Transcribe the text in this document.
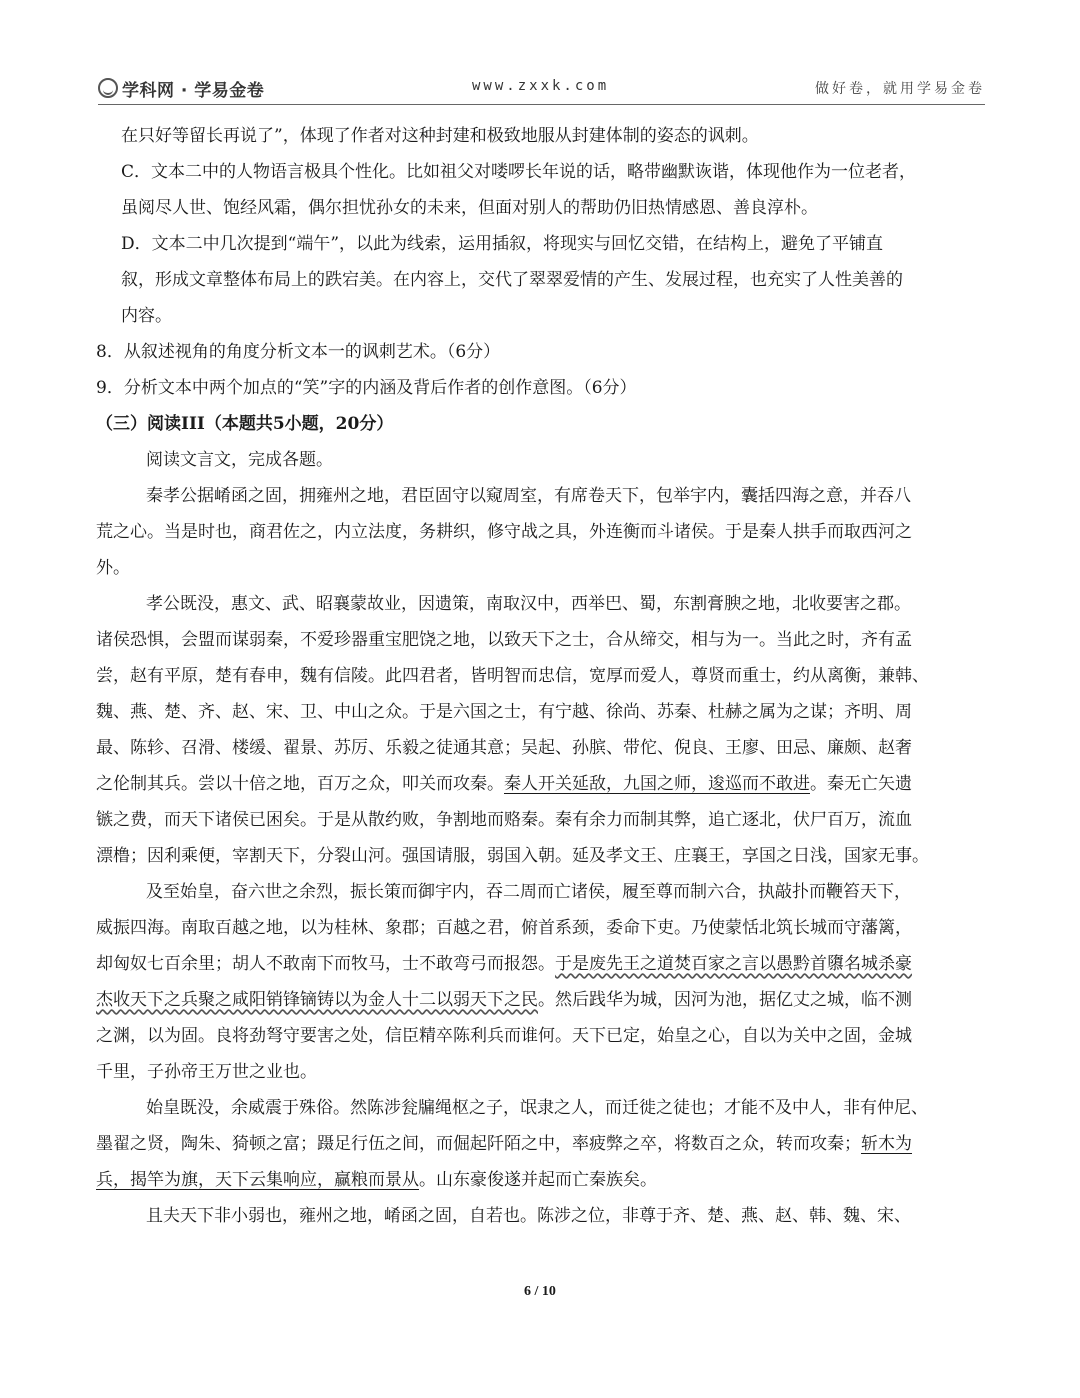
学科网 · 学易金卷	www.zxxk.com	做好卷，就用学易金卷
在只好等留长再说了”，体现了作者对这种封建和极致地服从封建体制的姿态的讽刺。
C．文本二中的人物语言极具个性化。比如祖父对喽啰长年说的话，略带幽默诙谐，体现他作为一位老者，
虽阅尽人世、饱经风霜，偶尔担忧孙女的未来，但面对别人的帮助仍旧热情感恩、善良淳朴。
D．文本二中几次提到“端午”，以此为线索，运用插叙，将现实与回忆交错，在结构上，避免了平铺直
叙，形成文章整体布局上的跌宕美。在内容上，交代了翠翠爱情的产生、发展过程，也充实了人性美善的
内容。
8．从叙述视角的角度分析文本一的讽刺艺术。（6分）
9．分析文本中两个加点的“笑”字的内涵及背后作者的创作意图。（6分）
（三）阅读III（本题共5小题，20分）
阅读文言文，完成各题。
秦孝公据崤函之固，拥雍州之地，君臣固守以窥周室，有席卷天下，包举宇内，囊括四海之意，并吞八
荒之心。当是时也，商君佐之，内立法度，务耕织，修守战之具，外连衡而斗诸侯。于是秦人拱手而取西河之
外。
孝公既没，惠文、武、昭襄蒙故业，因遗策，南取汉中，西举巴、蜀，东割膏腴之地，北收要害之郡。
诸侯恐惧，会盟而谋弱秦，不爱珍器重宝肥饶之地，以致天下之士，合从缔交，相与为一。当此之时，齐有孟
尝，赵有平原，楚有春申，魏有信陵。此四君者，皆明智而忠信，宽厚而爱人，尊贤而重士，约从离衡，兼韩、
魏、燕、楚、齐、赵、宋、卫、中山之众。于是六国之士，有宁越、徐尚、苏秦、杜赫之属为之谋；齐明、周
最、陈轸、召滑、楼缓、翟景、苏厉、乐毅之徒通其意；吴起、孙膑、带佗、倪良、王廖、田忌、廉颇、赵奢
之伦制其兵。尝以十倍之地，百万之众，叩关而攻秦。秦人开关延敌，九国之师，逡巡而不敢进。秦无亡矢遗
镞之费，而天下诸侯已困矣。于是从散约败，争割地而赂秦。秦有余力而制其弊，追亡逐北，伏尸百万，流血
漂橹；因利乘便，宰割天下，分裂山河。强国请服，弱国入朝。延及孝文王、庄襄王，享国之日浅，国家无事。
及至始皇，奋六世之余烈，振长策而御宇内，吞二周而亡诸侯，履至尊而制六合，执敲扑而鞭笞天下，
威振四海。南取百越之地，以为桂林、象郡；百越之君，俯首系颈，委命下吏。乃使蒙恬北筑长城而守藩篱，
却匈奴七百余里；胡人不敢南下而牧马，士不敢弯弓而报怨。于是废先王之道焚百家之言以愚黔首隳名城杀豪
杰收天下之兵聚之咸阳销锋镝铸以为金人十二以弱天下之民。然后践华为城，因河为池，据亿丈之城，临不测
之渊，以为固。良将劲弩守要害之处，信臣精卒陈利兵而谁何。天下已定，始皇之心，自以为关中之固，金城
千里，子孙帝王万世之业也。
始皇既没，余威震于殊俗。然陈涉瓮牖绳枢之子，氓隶之人，而迁徙之徒也；才能不及中人，非有仲尼、
墨翟之贤，陶朱、猗顿之富；蹑足行伍之间，而倔起阡陌之中，率疲弊之卒，将数百之众，转而攻秦；斩木为
兵，揭竿为旗，天下云集响应，赢粮而景从。山东豪俊遂并起而亡秦族矣。
且夫天下非小弱也，雍州之地，崤函之固，自若也。陈涉之位，非尊于齐、楚、燕、赵、韩、魏、宋、
6 / 10
